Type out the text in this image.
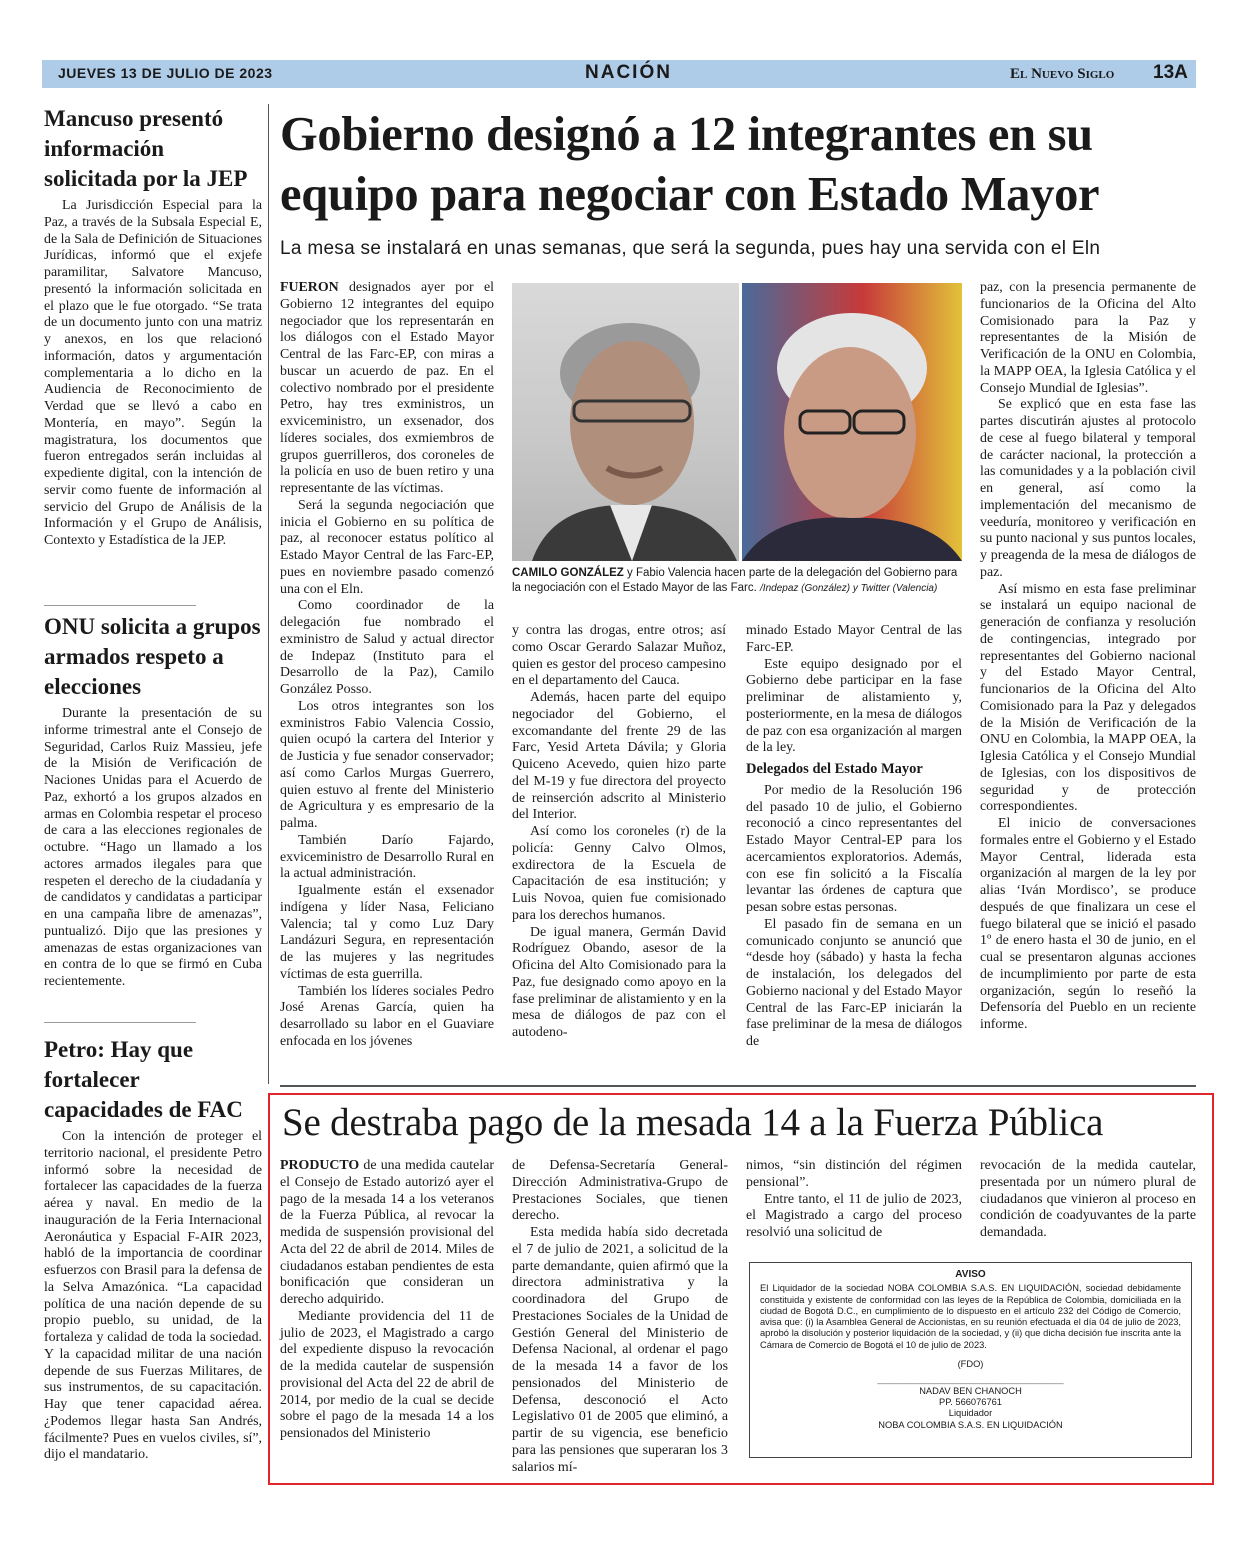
JUEVES 13 DE JULIO DE 2023	NACIÓN	El Nuevo Siglo 13A
Mancuso presentó información solicitada por la JEP

La Jurisdicción Especial para la Paz, a través de la Subsala Especial E, de la Sala de Definición de Situaciones Jurídicas, informó que el exjefe paramilitar, Salvatore Mancuso, presentó la información solicitada en el plazo que le fue otorgado. “Se trata de un documento junto con una matriz y anexos, en los que relacionó información, datos y argumentación complementaria a lo dicho en la Audiencia de Reconocimiento de Verdad que se llevó a cabo en Montería, en mayo”. Según la magistratura, los documentos que fueron entregados serán incluidas al expediente digital, con la intención de servir como fuente de información al servicio del Grupo de Análisis de la Información y el Grupo de Análisis, Contexto y Estadística de la JEP.

ONU solicita a grupos armados respeto a elecciones

Durante la presentación de su informe trimestral ante el Consejo de Seguridad, Carlos Ruiz Massieu, jefe de la Misión de Verificación de Naciones Unidas para el Acuerdo de Paz, exhortó a los grupos alzados en armas en Colombia respetar el proceso de cara a las elecciones regionales de octubre. “Hago un llamado a los actores armados ilegales para que respeten el derecho de la ciudadanía y de candidatos y candidatas a participar en una campaña libre de amenazas”, puntualizó. Dijo que las presiones y amenazas de estas organizaciones van en contra de lo que se firmó en Cuba recientemente.

Petro: Hay que fortalecer capacidades de FAC

Con la intención de proteger el territorio nacional, el presidente Petro informó sobre la necesidad de fortalecer las capacidades de la fuerza aérea y naval. En medio de la inauguración de la Feria Internacional Aeronáutica y Espacial F-AIR 2023, habló de la importancia de coordinar esfuerzos con Brasil para la defensa de la Selva Amazónica. “La capacidad política de una nación depende de su propio pueblo, su unidad, de la fortaleza y calidad de toda la sociedad. Y la capacidad militar de una nación depende de sus Fuerzas Militares, de sus instrumentos, de su capacitación. Hay que tener capacidad aérea. ¿Podemos llegar hasta San Andrés, fácilmente? Pues en vuelos civiles, sí”, dijo el mandatario.

Gobierno designó a 12 integrantes en su equipo para negociar con Estado Mayor
La mesa se instalará en unas semanas, que será la segunda, pues hay una servida con el Eln

FUERON designados ayer por el Gobierno 12 integrantes del equipo negociador que los representarán en los diálogos con el Estado Mayor Central de las Farc-EP, con miras a buscar un acuerdo de paz. En el colectivo nombrado por el presidente Petro, hay tres exministros, un exviceministro, un exsenador, dos líderes sociales, dos exmiembros de grupos guerrilleros, dos coroneles de la policía en uso de buen retiro y una representante de las víctimas.

Será la segunda negociación que inicia el Gobierno en su política de paz, al reconocer estatus político al Estado Mayor Central de las Farc-EP, pues en noviembre pasado comenzó una con el Eln.

Como coordinador de la delegación fue nombrado el exministro de Salud y actual director de Indepaz (Instituto para el Desarrollo de la Paz), Camilo González Posso.

Los otros integrantes son los exministros Fabio Valencia Cossio, quien ocupó la cartera del Interior y de Justicia y fue senador conservador; así como Carlos Murgas Guerrero, quien estuvo al frente del Ministerio de Agricultura y es empresario de la palma.

También Darío Fajardo, exviceministro de Desarrollo Rural en la actual administración.

Igualmente están el exsenador indígena y líder Nasa, Feliciano Valencia; tal y como Luz Dary Landázuri Segura, en representación de las mujeres y las negritudes víctimas de esta guerrilla.

También los líderes sociales Pedro José Arenas García, quien ha desarrollado su labor en el Guaviare enfocada en los jóvenes

CAMILO GONZÁLEZ y Fabio Valencia hacen parte de la delegación del Gobierno para la negociación con el Estado Mayor de las Farc. /Indepaz (González) y Twitter (Valencia)

y contra las drogas, entre otros; así como Oscar Gerardo Salazar Muñoz, quien es gestor del proceso campesino en el departamento del Cauca.

Además, hacen parte del equipo negociador del Gobierno, el excomandante del frente 29 de las Farc, Yesid Arteta Dávila; y Gloria Quiceno Acevedo, quien hizo parte del M-19 y fue directora del proyecto de reinserción adscrito al Ministerio del Interior.

Así como los coroneles (r) de la policía: Genny Calvo Olmos, exdirectora de la Escuela de Capacitación de esa institución; y Luis Novoa, quien fue comisionado para los derechos humanos.

De igual manera, Germán David Rodríguez Obando, asesor de la Oficina del Alto Comisionado para la Paz, fue designado como apoyo en la fase preliminar de alistamiento y en la mesa de diálogos de paz con el autodeno-

minado Estado Mayor Central de las Farc-EP.

Este equipo designado por el Gobierno debe participar en la fase preliminar de alistamiento y, posteriormente, en la mesa de diálogos de paz con esa organización al margen de la ley.

Delegados del Estado Mayor

Por medio de la Resolución 196 del pasado 10 de julio, el Gobierno reconoció a cinco representantes del Estado Mayor Central-EP para los acercamientos exploratorios. Además, con ese fin solicitó a la Fiscalía levantar las órdenes de captura que pesan sobre estas personas.

El pasado fin de semana en un comunicado conjunto se anunció que “desde hoy (sábado) y hasta la fecha de instalación, los delegados del Gobierno nacional y del Estado Mayor Central de las Farc-EP iniciarán la fase preliminar de la mesa de diálogos de

paz, con la presencia permanente de funcionarios de la Oficina del Alto Comisionado para la Paz y representantes de la Misión de Verificación de la ONU en Colombia, la MAPP OEA, la Iglesia Católica y el Consejo Mundial de Iglesias”.

Se explicó que en esta fase las partes discutirán ajustes al protocolo de cese al fuego bilateral y temporal de carácter nacional, la protección a las comunidades y a la población civil en general, así como la implementación del mecanismo de veeduría, monitoreo y verificación en su punto nacional y sus puntos locales, y preagenda de la mesa de diálogos de paz.

Así mismo en esta fase preliminar se instalará un equipo nacional de generación de confianza y resolución de contingencias, integrado por representantes del Gobierno nacional y del Estado Mayor Central, funcionarios de la Oficina del Alto Comisionado para la Paz y delegados de la Misión de Verificación de la ONU en Colombia, la MAPP OEA, la Iglesia Católica y el Consejo Mundial de Iglesias, con los dispositivos de seguridad y de protección correspondientes.

El inicio de conversaciones formales entre el Gobierno y el Estado Mayor Central, liderada esta organización al margen de la ley por alias ‘Iván Mordisco’, se produce después de que finalizara un cese el fuego bilateral que se inició el pasado 1º de enero hasta el 30 de junio, en el cual se presentaron algunas acciones de incumplimiento por parte de esta organización, según lo reseñó la Defensoría del Pueblo en un reciente informe.

Se destraba pago de la mesada 14 a la Fuerza Pública

PRODUCTO de una medida cautelar el Consejo de Estado autorizó ayer el pago de la mesada 14 a los veteranos de la Fuerza Pública, al revocar la medida de suspensión provisional del Acta del 22 de abril de 2014. Miles de ciudadanos estaban pendientes de esta bonificación que consideran un derecho adquirido.

Mediante providencia del 11 de julio de 2023, el Magistrado a cargo del expediente dispuso la revocación de la medida cautelar de suspensión provisional del Acta del 22 de abril de 2014, por medio de la cual se decide sobre el pago de la mesada 14 a los pensionados del Ministerio

de Defensa-Secretaría General-Dirección Administrativa-Grupo de Prestaciones Sociales, que tienen derecho.

Esta medida había sido decretada el 7 de julio de 2021, a solicitud de la parte demandante, quien afirmó que la directora administrativa y la coordinadora del Grupo de Prestaciones Sociales de la Unidad de Gestión General del Ministerio de Defensa Nacional, al ordenar el pago de la mesada 14 a favor de los pensionados del Ministerio de Defensa, desconoció el Acto Legislativo 01 de 2005 que eliminó, a partir de su vigencia, ese beneficio para las pensiones que superaran los 3 salarios mí-

nimos, “sin distinción del régimen pensional”.

Entre tanto, el 11 de julio de 2023, el Magistrado a cargo del proceso resolvió una solicitud de

revocación de la medida cautelar, presentada por un número plural de ciudadanos que vinieron al proceso en condición de coadyuvantes de la parte demandada.

AVISO
El Liquidador de la sociedad NOBA COLOMBIA S.A.S. EN LIQUIDACIÓN, sociedad debidamente constituida y existente de conformidad con las leyes de la República de Colombia, domiciliada en la ciudad de Bogotá D.C., en cumplimiento de lo dispuesto en el artículo 232 del Código de Comercio, avisa que: (i) la Asamblea General de Accionistas, en su reunión efectuada el día 04 de julio de 2023, aprobó la disolución y posterior liquidación de la sociedad, y (ii) que dicha decisión fue inscrita ante la Cámara de Comercio de Bogotá el 10 de julio de 2023.
(FDO)
____________________________________
NADAV BEN CHANOCH
PP. 566076761
Liquidador
NOBA COLOMBIA S.A.S. EN LIQUIDACIÓN
